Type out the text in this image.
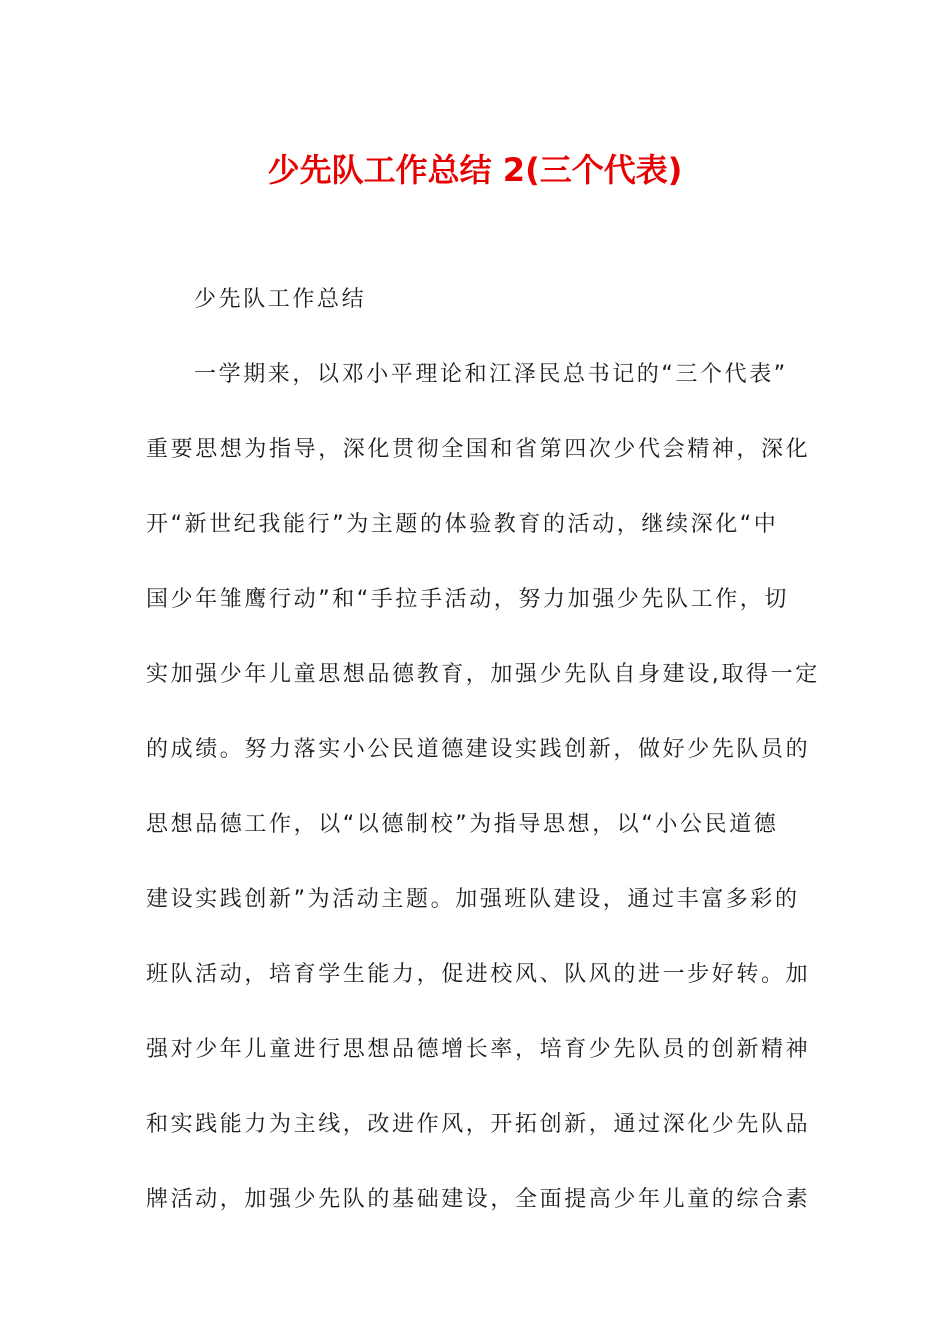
少先队工作总结 2(三个代表)
少先队工作总结
一学期来，以邓小平理论和江泽民总书记的“三个代表”
重要思想为指导，深化贯彻全国和省第四次少代会精神，深化
开“新世纪我能行”为主题的体验教育的活动，继续深化“中
国少年雏鹰行动”和“手拉手活动，努力加强少先队工作，切
实加强少年儿童思想品德教育，加强少先队自身建设,取得一定
的成绩。努力落实小公民道德建设实践创新，做好少先队员的
思想品德工作，以“以德制校”为指导思想，以“小公民道德
建设实践创新”为活动主题。加强班队建设，通过丰富多彩的
班队活动，培育学生能力，促进校风、队风的进一步好转。加
强对少年儿童进行思想品德增长率，培育少先队员的创新精神
和实践能力为主线，改进作风，开拓创新，通过深化少先队品
牌活动，加强少先队的基础建设，全面提高少年儿童的综合素
